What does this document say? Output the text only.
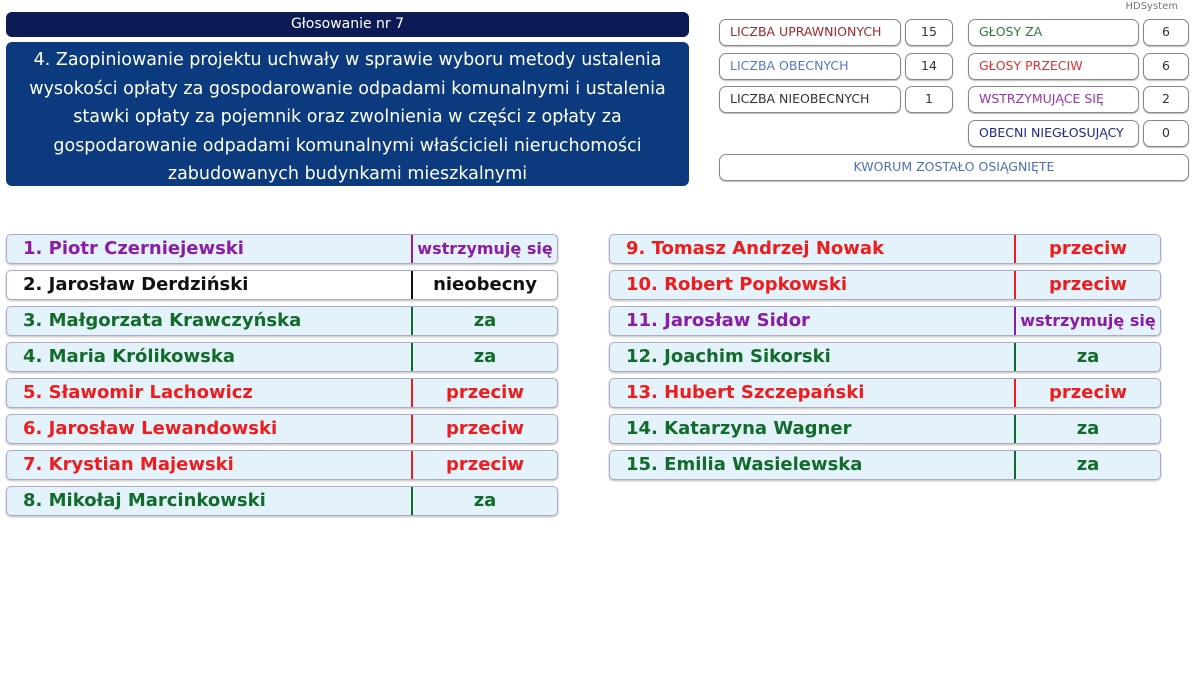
Głosowanie nr 7
4. Zaopiniowanie projektu uchwały w sprawie wyboru metody ustalenia wysokości opłaty za gospodarowanie odpadami komunalnymi i ustalenia stawki opłaty za pojemnik oraz zwolnienia w części z opłaty za gospodarowanie odpadami komunalnymi właścicieli nieruchomości zabudowanych budynkami mieszkalnymi
HDSystem
LICZBA UPRAWNIONYCH	15
LICZBA OBECNYCH	14
LICZBA NIEOBECNYCH	1
GŁOSY ZA	6
GŁOSY PRZECIW	6
WSTRZYMUJĄCE SIĘ	2
OBECNI NIEGŁOSUJĄCY	0
KWORUM ZOSTAŁO OSIĄGNIĘTE
1. Piotr Czerniejewski	wstrzymuję się
2. Jarosław Derdziński	nieobecny
3. Małgorzata Krawczyńska	za
4. Maria Królikowska	za
5. Sławomir Lachowicz	przeciw
6. Jarosław Lewandowski	przeciw
7. Krystian Majewski	przeciw
8. Mikołaj Marcinkowski	za
9. Tomasz Andrzej Nowak	przeciw
10. Robert Popkowski	przeciw
11. Jarosław Sidor	wstrzymuję się
12. Joachim Sikorski	za
13. Hubert Szczepański	przeciw
14. Katarzyna Wagner	za
15. Emilia Wasielewska	za
